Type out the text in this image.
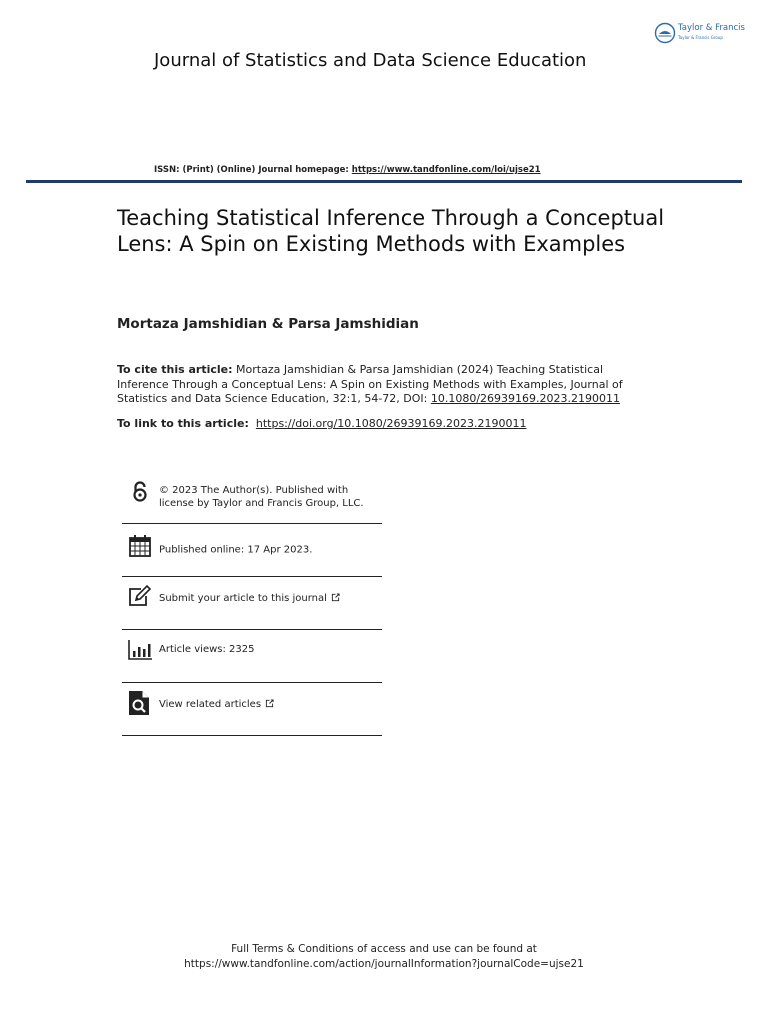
Taylor & Francis
Taylor & Francis Group
Journal of Statistics and Data Science Education
ISSN: (Print) (Online) Journal homepage: https://www.tandfonline.com/loi/ujse21
Teaching Statistical Inference Through a Conceptual Lens: A Spin on Existing Methods with Examples
Mortaza Jamshidian & Parsa Jamshidian
To cite this article: Mortaza Jamshidian & Parsa Jamshidian (2024) Teaching Statistical Inference Through a Conceptual Lens: A Spin on Existing Methods with Examples, Journal of Statistics and Data Science Education, 32:1, 54-72, DOI: 10.1080/26939169.2023.2190011
To link to this article: https://doi.org/10.1080/26939169.2023.2190011
© 2023 The Author(s). Published with license by Taylor and Francis Group, LLC.
Published online: 17 Apr 2023.
Submit your article to this journal
Article views: 2325
View related articles
Full Terms & Conditions of access and use can be found at
https://www.tandfonline.com/action/journalInformation?journalCode=ujse21
